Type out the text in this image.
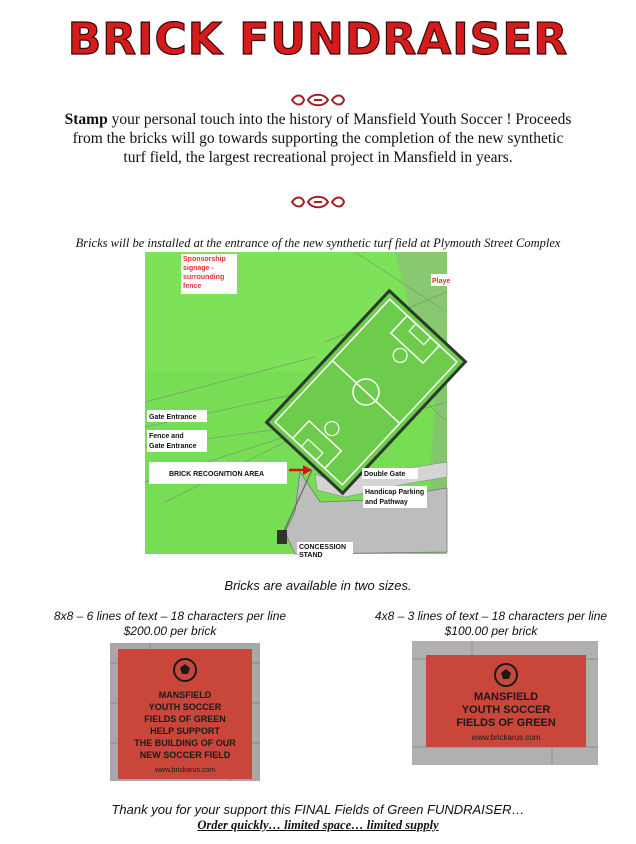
BRICK FUNDRAISER
Stamp your personal touch into the history of Mansfield Youth Soccer ! Proceeds from the bricks will go towards supporting the completion of the new synthetic turf field, the largest recreational project in Mansfield in years.
Bricks will be installed at the entrance of the new synthetic turf field at Plymouth Street Complex
Sponsorship
signage -
surrounding
fence
Playe
Gate Entrance
Fence and
Gate Entrance
BRICK RECOGNITION AREA	Double Gate
Handicap Parking
and Pathway
CONCESSION
STAND
Bricks are available in two sizes.
8x8 – 6 lines of text – 18 characters per line
$200.00 per brick
4x8 – 3 lines of text – 18 characters per line
$100.00 per brick
MANSFIELD
YOUTH SOCCER
FIELDS OF GREEN
HELP SUPPORT
THE BUILDING OF OUR
NEW SOCCER FIELD
www.brickarus.com
MANSFIELD
YOUTH SOCCER
FIELDS OF GREEN
www.brickarus.com
Thank you for your support this FINAL Fields of Green FUNDRAISER…
Order quickly… limited space… limited supply
